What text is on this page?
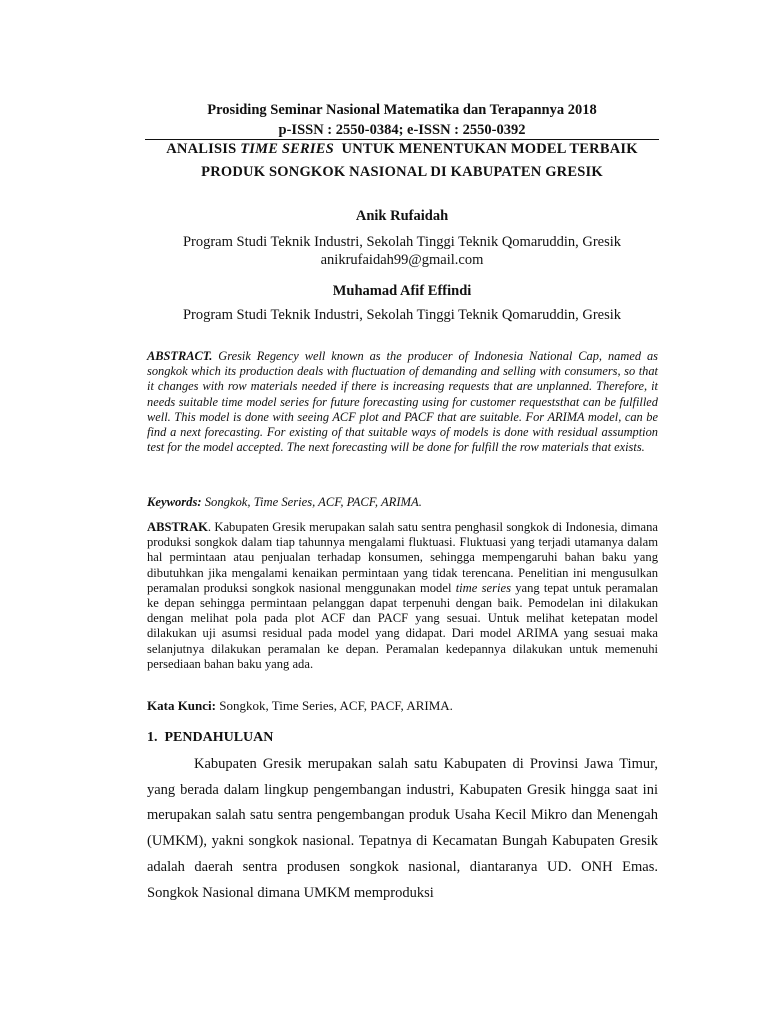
Prosiding Seminar Nasional Matematika dan Terapannya 2018
p-ISSN : 2550-0384; e-ISSN : 2550-0392
ANALISIS TIME SERIES  UNTUK MENENTUKAN MODEL TERBAIK
PRODUK SONGKOK NASIONAL DI KABUPATEN GRESIK
Anik Rufaidah
Program Studi Teknik Industri, Sekolah Tinggi Teknik Qomaruddin, Gresik
anikrufaidah99@gmail.com
Muhamad Afif Effindi
Program Studi Teknik Industri, Sekolah Tinggi Teknik Qomaruddin, Gresik
ABSTRACT. Gresik Regency well known as the producer of Indonesia National Cap, named as songkok which its production deals with fluctuation of demanding and selling with consumers, so that it changes with row materials needed if there is increasing requests that are unplanned. Therefore, it needs suitable time model series for future forecasting using for customer requeststhat can be fulfilled well. This model is done with seeing ACF plot and PACF that are suitable. For ARIMA model, can be find a next forecasting. For existing of that suitable ways of models is done with residual assumption test for the model accepted. The next forecasting will be done for fulfill the row materials that exists.
Keywords: Songkok, Time Series, ACF, PACF, ARIMA.
ABSTRAK. Kabupaten Gresik merupakan salah satu sentra penghasil songkok di Indonesia, dimana produksi songkok dalam tiap tahunnya mengalami fluktuasi. Fluktuasi yang terjadi utamanya dalam hal permintaan atau penjualan terhadap konsumen, sehingga mempengaruhi bahan baku yang dibutuhkan jika mengalami kenaikan permintaan yang tidak terencana. Penelitian ini mengusulkan peramalan produksi songkok nasional menggunakan model time series yang tepat untuk peramalan ke depan sehingga permintaan pelanggan dapat terpenuhi dengan baik. Pemodelan ini dilakukan dengan melihat pola pada plot ACF dan PACF yang sesuai. Untuk melihat ketepatan model dilakukan uji asumsi residual pada model yang didapat. Dari model ARIMA yang sesuai maka selanjutnya dilakukan peramalan ke depan. Peramalan kedepannya dilakukan untuk memenuhi persediaan bahan baku yang ada.
Kata Kunci: Songkok, Time Series, ACF, PACF, ARIMA.
1.  PENDAHULUAN
Kabupaten Gresik merupakan salah satu Kabupaten di Provinsi Jawa Timur, yang berada dalam lingkup pengembangan industri, Kabupaten Gresik hingga saat ini merupakan salah satu sentra pengembangan produk Usaha Kecil Mikro dan Menengah (UMKM), yakni songkok nasional. Tepatnya di Kecamatan Bungah Kabupaten Gresik adalah daerah sentra produsen songkok nasional, diantaranya UD. ONH Emas. Songkok Nasional dimana UMKM memproduksi
